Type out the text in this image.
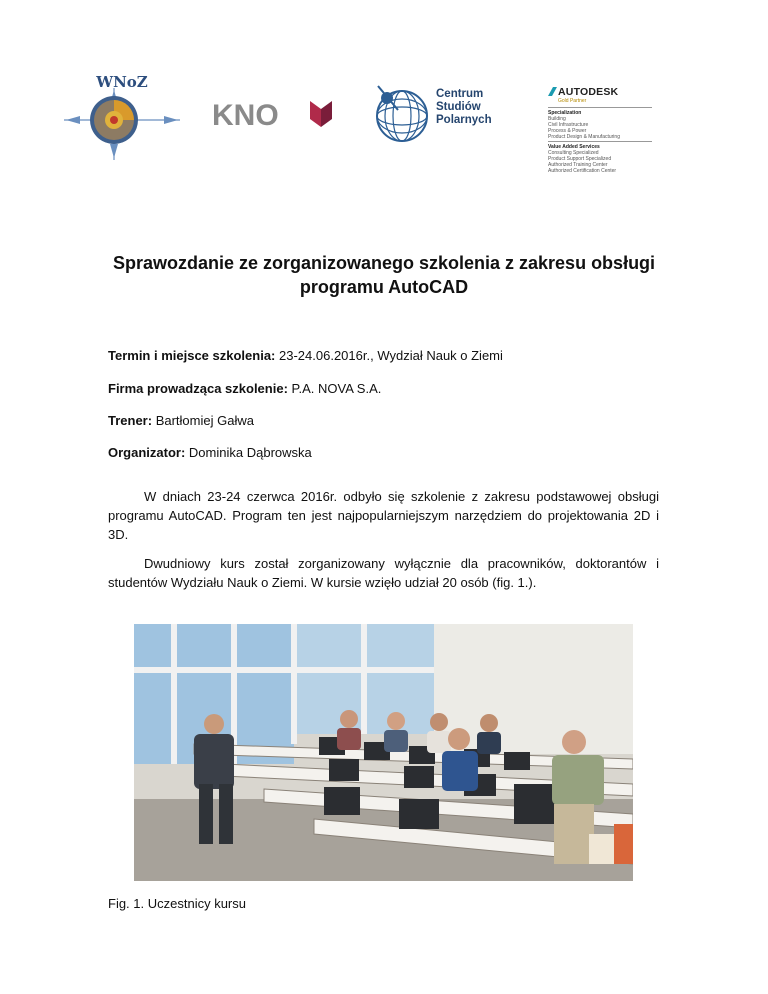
WNoZ
KNO
Centrum
Studiów
Polarnych
AUTODESK
Gold Partner
Specialization
Building
Civil Infrastructure
Process & Power
Product Design & Manufacturing
Value Added Services
Consulting Specialized
Product Support Specialized
Authorized Training Center
Authorized Certification Center
Sprawozdanie ze zorganizowanego szkolenia z zakresu obsługi
programu AutoCAD
Termin i miejsce szkolenia: 23-24.06.2016r., Wydział Nauk o Ziemi
Firma prowadząca szkolenie: P.A. NOVA S.A.
Trener: Bartłomiej Gałwa
Organizator: Dominika Dąbrowska
W dniach 23-24 czerwca 2016r. odbyło się szkolenie z zakresu podstawowej obsługi programu AutoCAD. Program ten jest najpopularniejszym narzędziem do projektowania 2D i 3D.
Dwudniowy kurs został zorganizowany wyłącznie dla pracowników, doktorantów i studentów Wydziału Nauk o Ziemi. W kursie wzięło udział 20 osób (fig. 1.).
Fig. 1. Uczestnicy kursu
